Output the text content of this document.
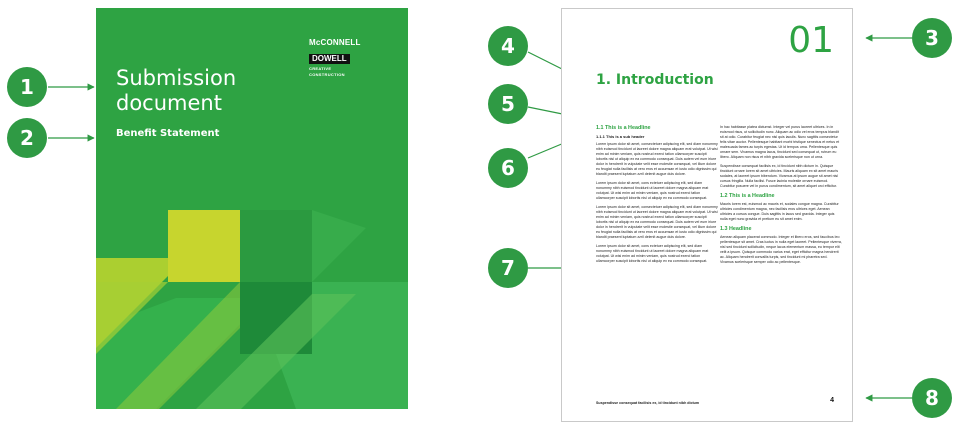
1
2
3
4
5
6
7
8
McCONNELL
DOWELL
CREATIVE CONSTRUCTION
Submission document
Benefit Statement
01
1. Introduction
1.1 This is a Headline
1.1.1 This is a sub header

Lorem ipsum dolor sit amet, consectetuer adipiscing elit, sed diam nonummy nibh euismod tincidunt ut laoreet dolore magna aliquam erat volutpat. Ut wisi enim ad minim veniam, quis nostrud exerci tation ullamcorper suscipit lobortis nisl ut aliquip ex ea commodo consequat. Duis autem vel eum iriure dolor in hendrerit in vulputate velit esse molestie consequat, vel illum dolore eu feugiat nulla facilisis at vero eros et accumsan et iusto odio dignissim qui blandit praesent luptatum zzril delenit augue duis dolore.

Lorem ipsum dolor sit amet, cons ectetuer adipiscing elit, sed diam nonummy nibh euismod tincidunt ut laoreet dolore magna aliquam erat volutpat. Ut wisi enim ad minim veniam, quis nostrud exerci tation ullamcorper suscipit lobortis nisl ut aliquip ex ea commodo consequat.

Lorem ipsum dolor sit amet, consectetuer adipiscing elit, sed diam nonummy nibh euismod tincidunt ut laoreet dolore magna aliquam erat volutpat. Ut wisi enim ad minim veniam, quis nostrud exerci tation ullamcorper suscipit lobortis nisl ut aliquip ex ea commodo consequat. Duis autem vel eum iriure dolor in hendrerit in vulputate velit esse molestie consequat, vel illum dolore eu feugiat nulla facilisis at vero eros et accumsan et iusto odio dignissim qui blandit praesent luptatum zzril delenit augue duis dolore.

Lorem ipsum dolor sit amet, cons ectetuer adipiscing elit, sed diam nonummy nibh euismod tincidunt ut laoreet dolore magna aliquam erat volutpat. Ut wisi enim ad minim veniam, quis nostrud exerci tation ullamcorper suscipit lobortis nisl ut aliquip ex ea commodo consequat.

In hac habitasse platea dictumst. Integer vel purus laoreet ultrices. In in euismod risus, ut sollicitudin nunc. Aliquam ac odio vel eros tempus blandit sit at odio. Curabitur feugiat nec nisl quis iaculis. Nunc sagittis consectetur felis vitae auctor. Pellentesque habitant morbi tristique senectus et netus et malesuada fames ac turpis egestas. Ut id tempus urna. Pellentesque quis ornare sem. Vivamus magna lacus, tincidunt sed consequat ut, rutrum eu libero. Aliquam non risus et nibh gravida scelerisque non ut urna.

Suspendisse consequat facilisis ex, id tincidunt nibh dictum in. Quisque tincidunt ornare lorem sit amet ultricies. Mauris aliquam ex sit amet mauris sodales, at laoreet ipsum bibendum. Vivamus at ipsum augue sit amet nisl cursus fringilla. Nulla facilisi. Fusce lacinia molestie ornare euismod. Curabitur posuere vel in purus condimentum, sit amet aliquet orci efficitur.

1.2 This is a Headline

Mauris lorem est, euismod ac mauris et, sodales congue magna. Curabitur ultricies condimentum magna, nec facilisis eros ultrices eget. Aenean ultricies a cursus congue. Duis sagittis in lacus sed gravida. Integer quis nulla eget nunc gravida et pretium eu sit amet enim.

1.3 Headline

Aenean aliquam placerat commodo. Integer et libero eros, sed faucibus leo pellentesque sit amet. Cras luctus in nulla eget laoreet. Pellentesque viverra, nisl sed tincidunt sollicitudin, neque lacus elementum massa, eu tempor elit velit a ipsum. Quisque commodo varius erat, eget efficitur magna hendrerit ac. Aliquam hendrerit convallis turpis, sed tincidunt mi pharetra sed. Vivamus scelerisque semper odio ac pellentesque.

Suspendisse consequat facilisis ex, id tincidunt nibh dictum	4
